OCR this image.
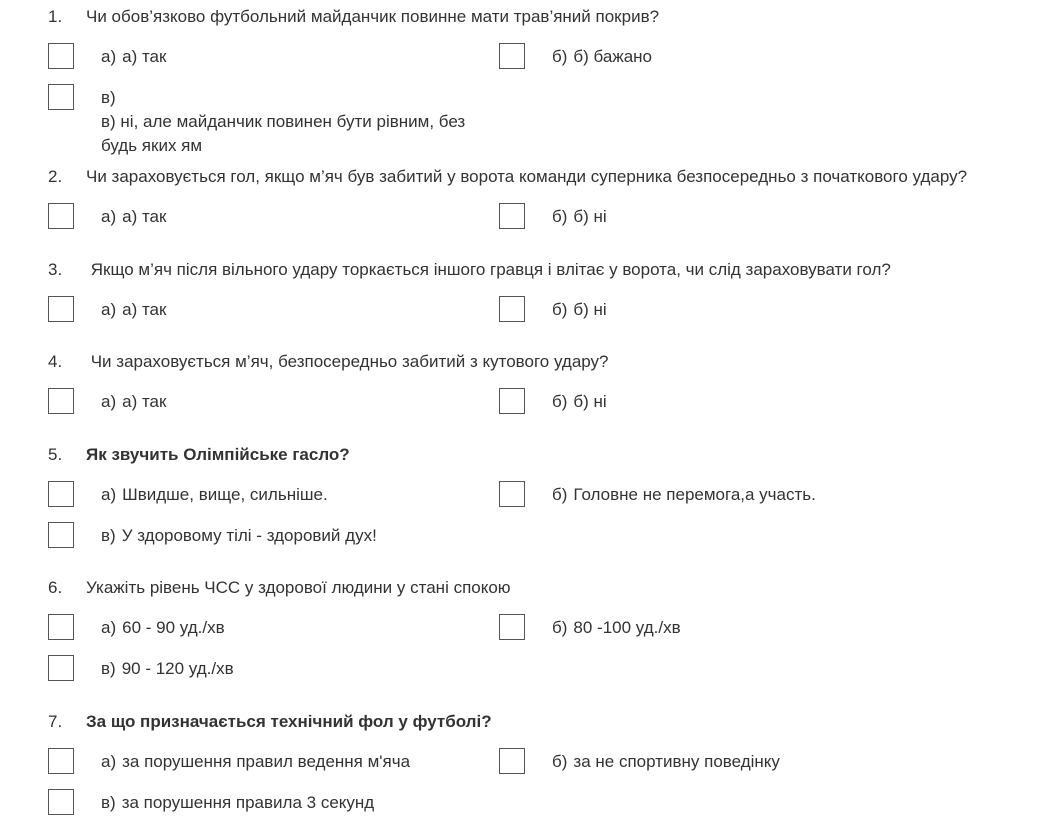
1. Чи обов’язково футбольний майданчик повинне мати трав’яний покрив?
а) а) так	б) б) бажано
в)
в) ні, але майданчик повинен бути рівним, без будь яких ям
2. Чи зараховується гол, якщо м’яч був забитий у ворота команди суперника безпосередньо з початкового удару?
а) а) так	б) б) ні
3. Якщо м’яч після вільного удару торкається іншого гравця і влітає у ворота, чи слід зараховувати гол?
а) а) так	б) б) ні
4. Чи зараховується м’яч, безпосередньо забитий з кутового удару?
а) а) так	б) б) ні
5. Як звучить Олімпійське гасло?
а) Швидше, вище, сильніше.	б) Головне не перемога,а участь.
в) У здоровому тілі - здоровий дух!
6. Укажіть рівень ЧСС у здорової людини у стані спокою
а) 60 - 90 уд./хв	б) 80 -100 уд./хв
в) 90 - 120 уд./хв
7. За що призначається технічний фол у футболі?
а) за порушення правил ведення м'яча	б) за не спортивну поведінку
в) за порушення правила 3 секунд
